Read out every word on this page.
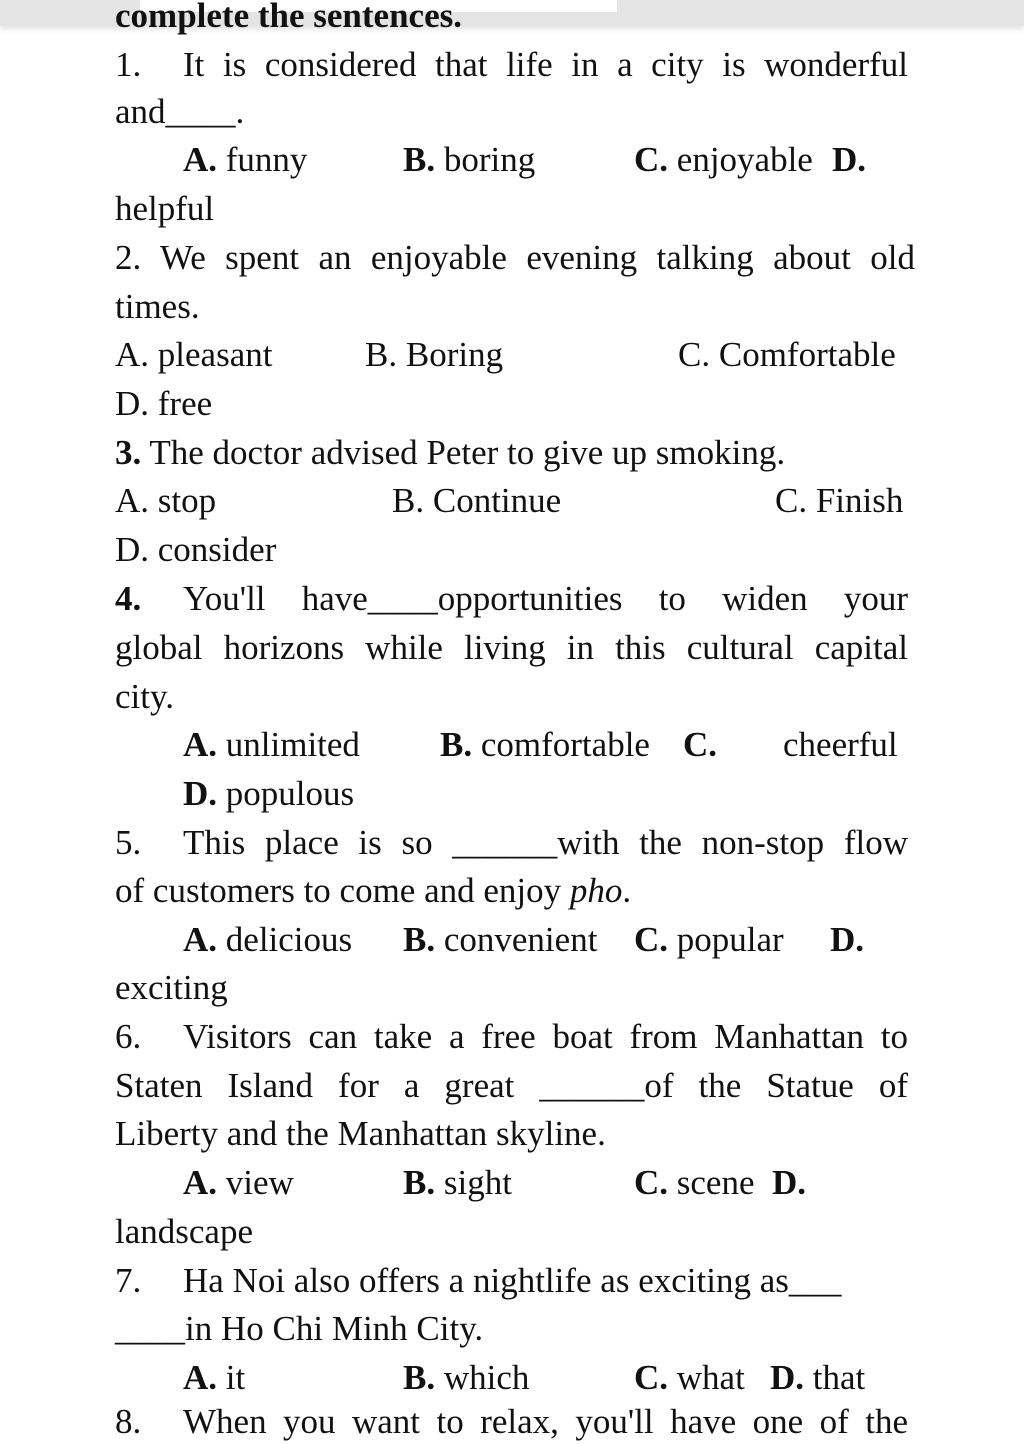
complete the sentences.
1. It is considered that life in a city is wonderful
and____.
A. funny	B. boring	C. enjoyable D.
helpful
2. We spent an enjoyable evening talking about old
times.
A. pleasant	B. Boring	C. Comfortable
D. free
3. The doctor advised Peter to give up smoking.
A. stop	B. Continue	C. Finish
D. consider
4. You'll have____opportunities to widen your
global horizons while living in this cultural capital
city.
A. unlimited B. comfortable C. cheerful
D. populous
5. This place is so ______with the non-stop flow
of customers to come and enjoy pho.
A. delicious B. convenient C. popular D.
exciting
6. Visitors can take a free boat from Manhattan to
Staten Island for a great ______of the Statue of
Liberty and the Manhattan skyline.
A. view	B. sight	C. scene D.
landscape
7. Ha Noi also offers a nightlife as exciting as___
____in Ho Chi Minh City.
A. it	B. which	C. what D. that
8. When you want to relax, you'll have one of the
